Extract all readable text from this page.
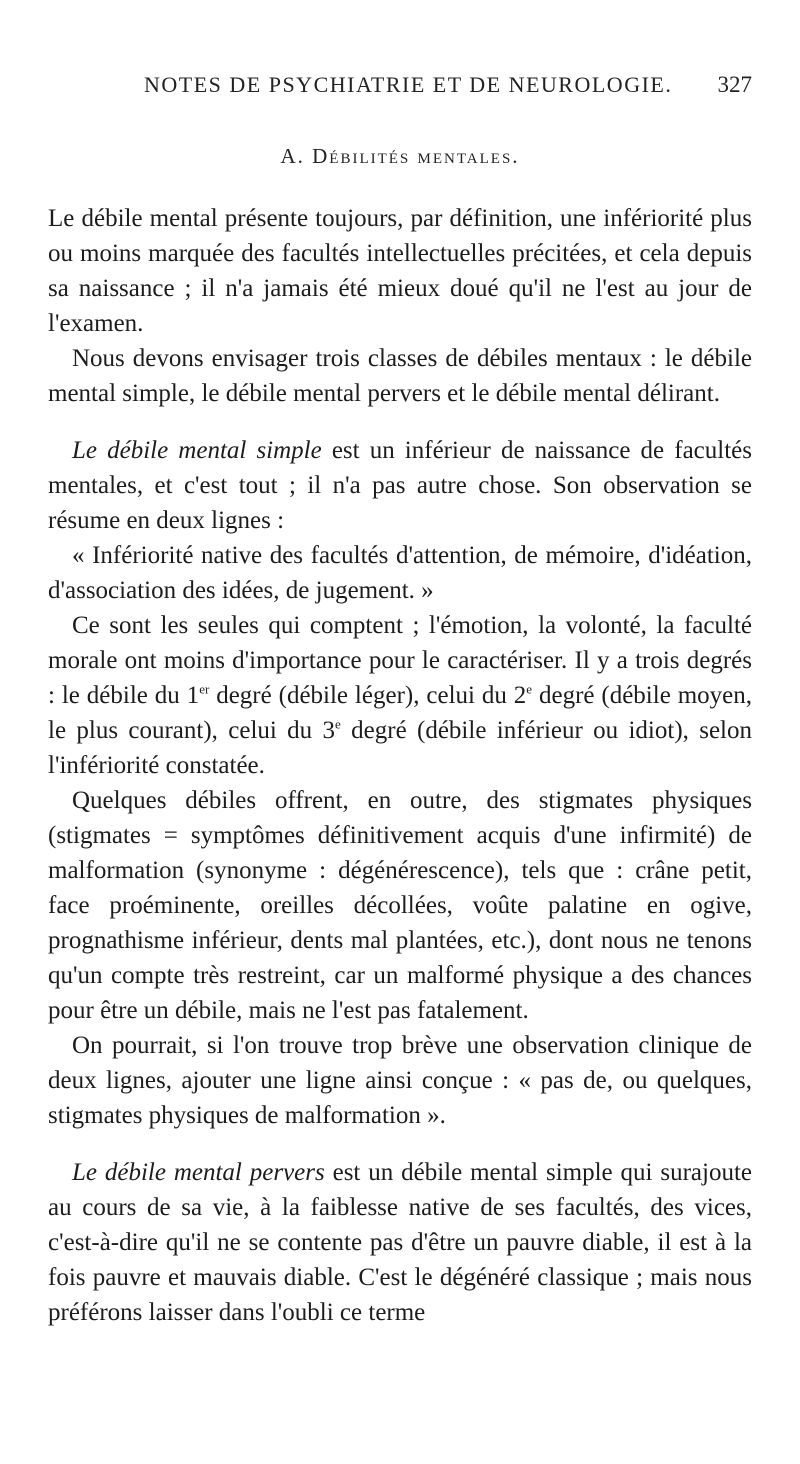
NOTES DE PSYCHIATRIE ET DE NEUROLOGIE. 327
A. Débilités mentales.

Le débile mental présente toujours, par définition, une infériorité plus ou moins marquée des facultés intellectuelles précitées, et cela depuis sa naissance ; il n'a jamais été mieux doué qu'il ne l'est au jour de l'examen.

Nous devons envisager trois classes de débiles mentaux : le débile mental simple, le débile mental pervers et le débile mental délirant.

Le débile mental simple est un inférieur de naissance de facultés mentales, et c'est tout ; il n'a pas autre chose. Son observation se résume en deux lignes :

« Infériorité native des facultés d'attention, de mémoire, d'idéation, d'association des idées, de jugement. »

Ce sont les seules qui comptent ; l'émotion, la volonté, la faculté morale ont moins d'importance pour le caractériser. Il y a trois degrés : le débile du 1er degré (débile léger), celui du 2e degré (débile moyen, le plus courant), celui du 3e degré (débile inférieur ou idiot), selon l'infériorité constatée.

Quelques débiles offrent, en outre, des stigmates physiques (stigmates = symptômes définitivement acquis d'une infirmité) de malformation (synonyme : dégénérescence), tels que : crâne petit, face proéminente, oreilles décollées, voûte palatine en ogive, prognathisme inférieur, dents mal plantées, etc.), dont nous ne tenons qu'un compte très restreint, car un malformé physique a des chances pour être un débile, mais ne l'est pas fatalement.

On pourrait, si l'on trouve trop brève une observation clinique de deux lignes, ajouter une ligne ainsi conçue : « pas de, ou quelques, stigmates physiques de malformation ».

Le débile mental pervers est un débile mental simple qui surajoute au cours de sa vie, à la faiblesse native de ses facultés, des vices, c'est-à-dire qu'il ne se contente pas d'être un pauvre diable, il est à la fois pauvre et mauvais diable. C'est le dégénéré classique ; mais nous préférons laisser dans l'oubli ce terme
